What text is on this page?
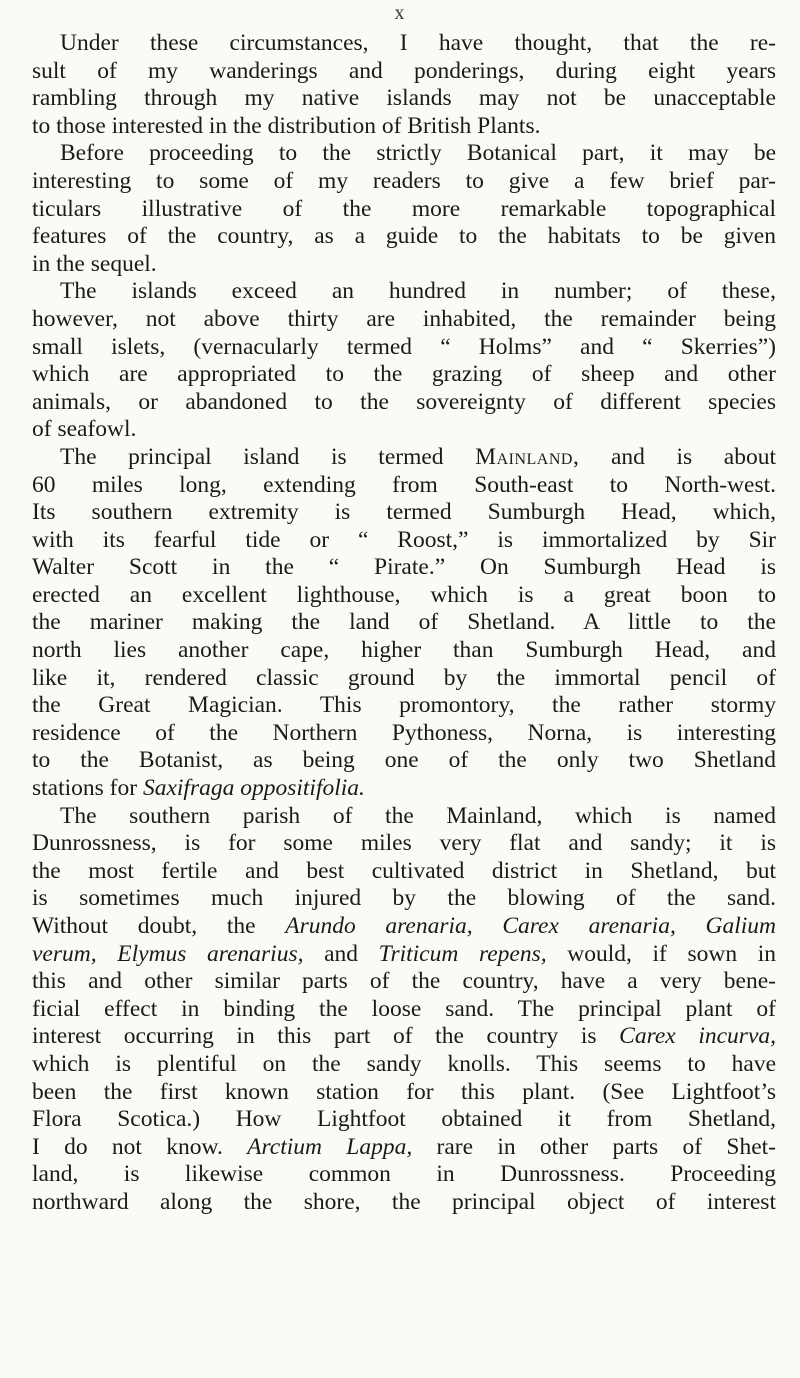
x
Under these circumstances, I have thought, that the re-
sult of my wanderings and ponderings, during eight years
rambling through my native islands may not be unacceptable
to those interested in the distribution of British Plants.
Before proceeding to the strictly Botanical part, it may be
interesting to some of my readers to give a few brief par-
ticulars illustrative of the more remarkable topographical
features of the country, as a guide to the habitats to be given
in the sequel.
The islands exceed an hundred in number; of these,
however, not above thirty are inhabited, the remainder being
small islets, (vernacularly termed “ Holms” and “ Skerries”)
which are appropriated to the grazing of sheep and other
animals, or abandoned to the sovereignty of different species
of seafowl.
The principal island is termed Mainland, and is about
60 miles long, extending from South-east to North-west.
Its southern extremity is termed Sumburgh Head, which,
with its fearful tide or “ Roost,” is immortalized by Sir
Walter Scott in the “ Pirate.” On Sumburgh Head is
erected an excellent lighthouse, which is a great boon to
the mariner making the land of Shetland. A little to the
north lies another cape, higher than Sumburgh Head, and
like it, rendered classic ground by the immortal pencil of
the Great Magician. This promontory, the rather stormy
residence of the Northern Pythoness, Norna, is interesting
to the Botanist, as being one of the only two Shetland
stations for Saxifraga oppositifolia.
The southern parish of the Mainland, which is named
Dunrossness, is for some miles very flat and sandy; it is
the most fertile and best cultivated district in Shetland, but
is sometimes much injured by the blowing of the sand.
Without doubt, the Arundo arenaria, Carex arenaria, Galium
verum, Elymus arenarius, and Triticum repens, would, if sown in
this and other similar parts of the country, have a very bene-
ficial effect in binding the loose sand. The principal plant of
interest occurring in this part of the country is Carex incurva,
which is plentiful on the sandy knolls. This seems to have
been the first known station for this plant. (See Lightfoot’s
Flora Scotica.) How Lightfoot obtained it from Shetland,
I do not know. Arctium Lappa, rare in other parts of Shet-
land, is likewise common in Dunrossness. Proceeding
northward along the shore, the principal object of interest
